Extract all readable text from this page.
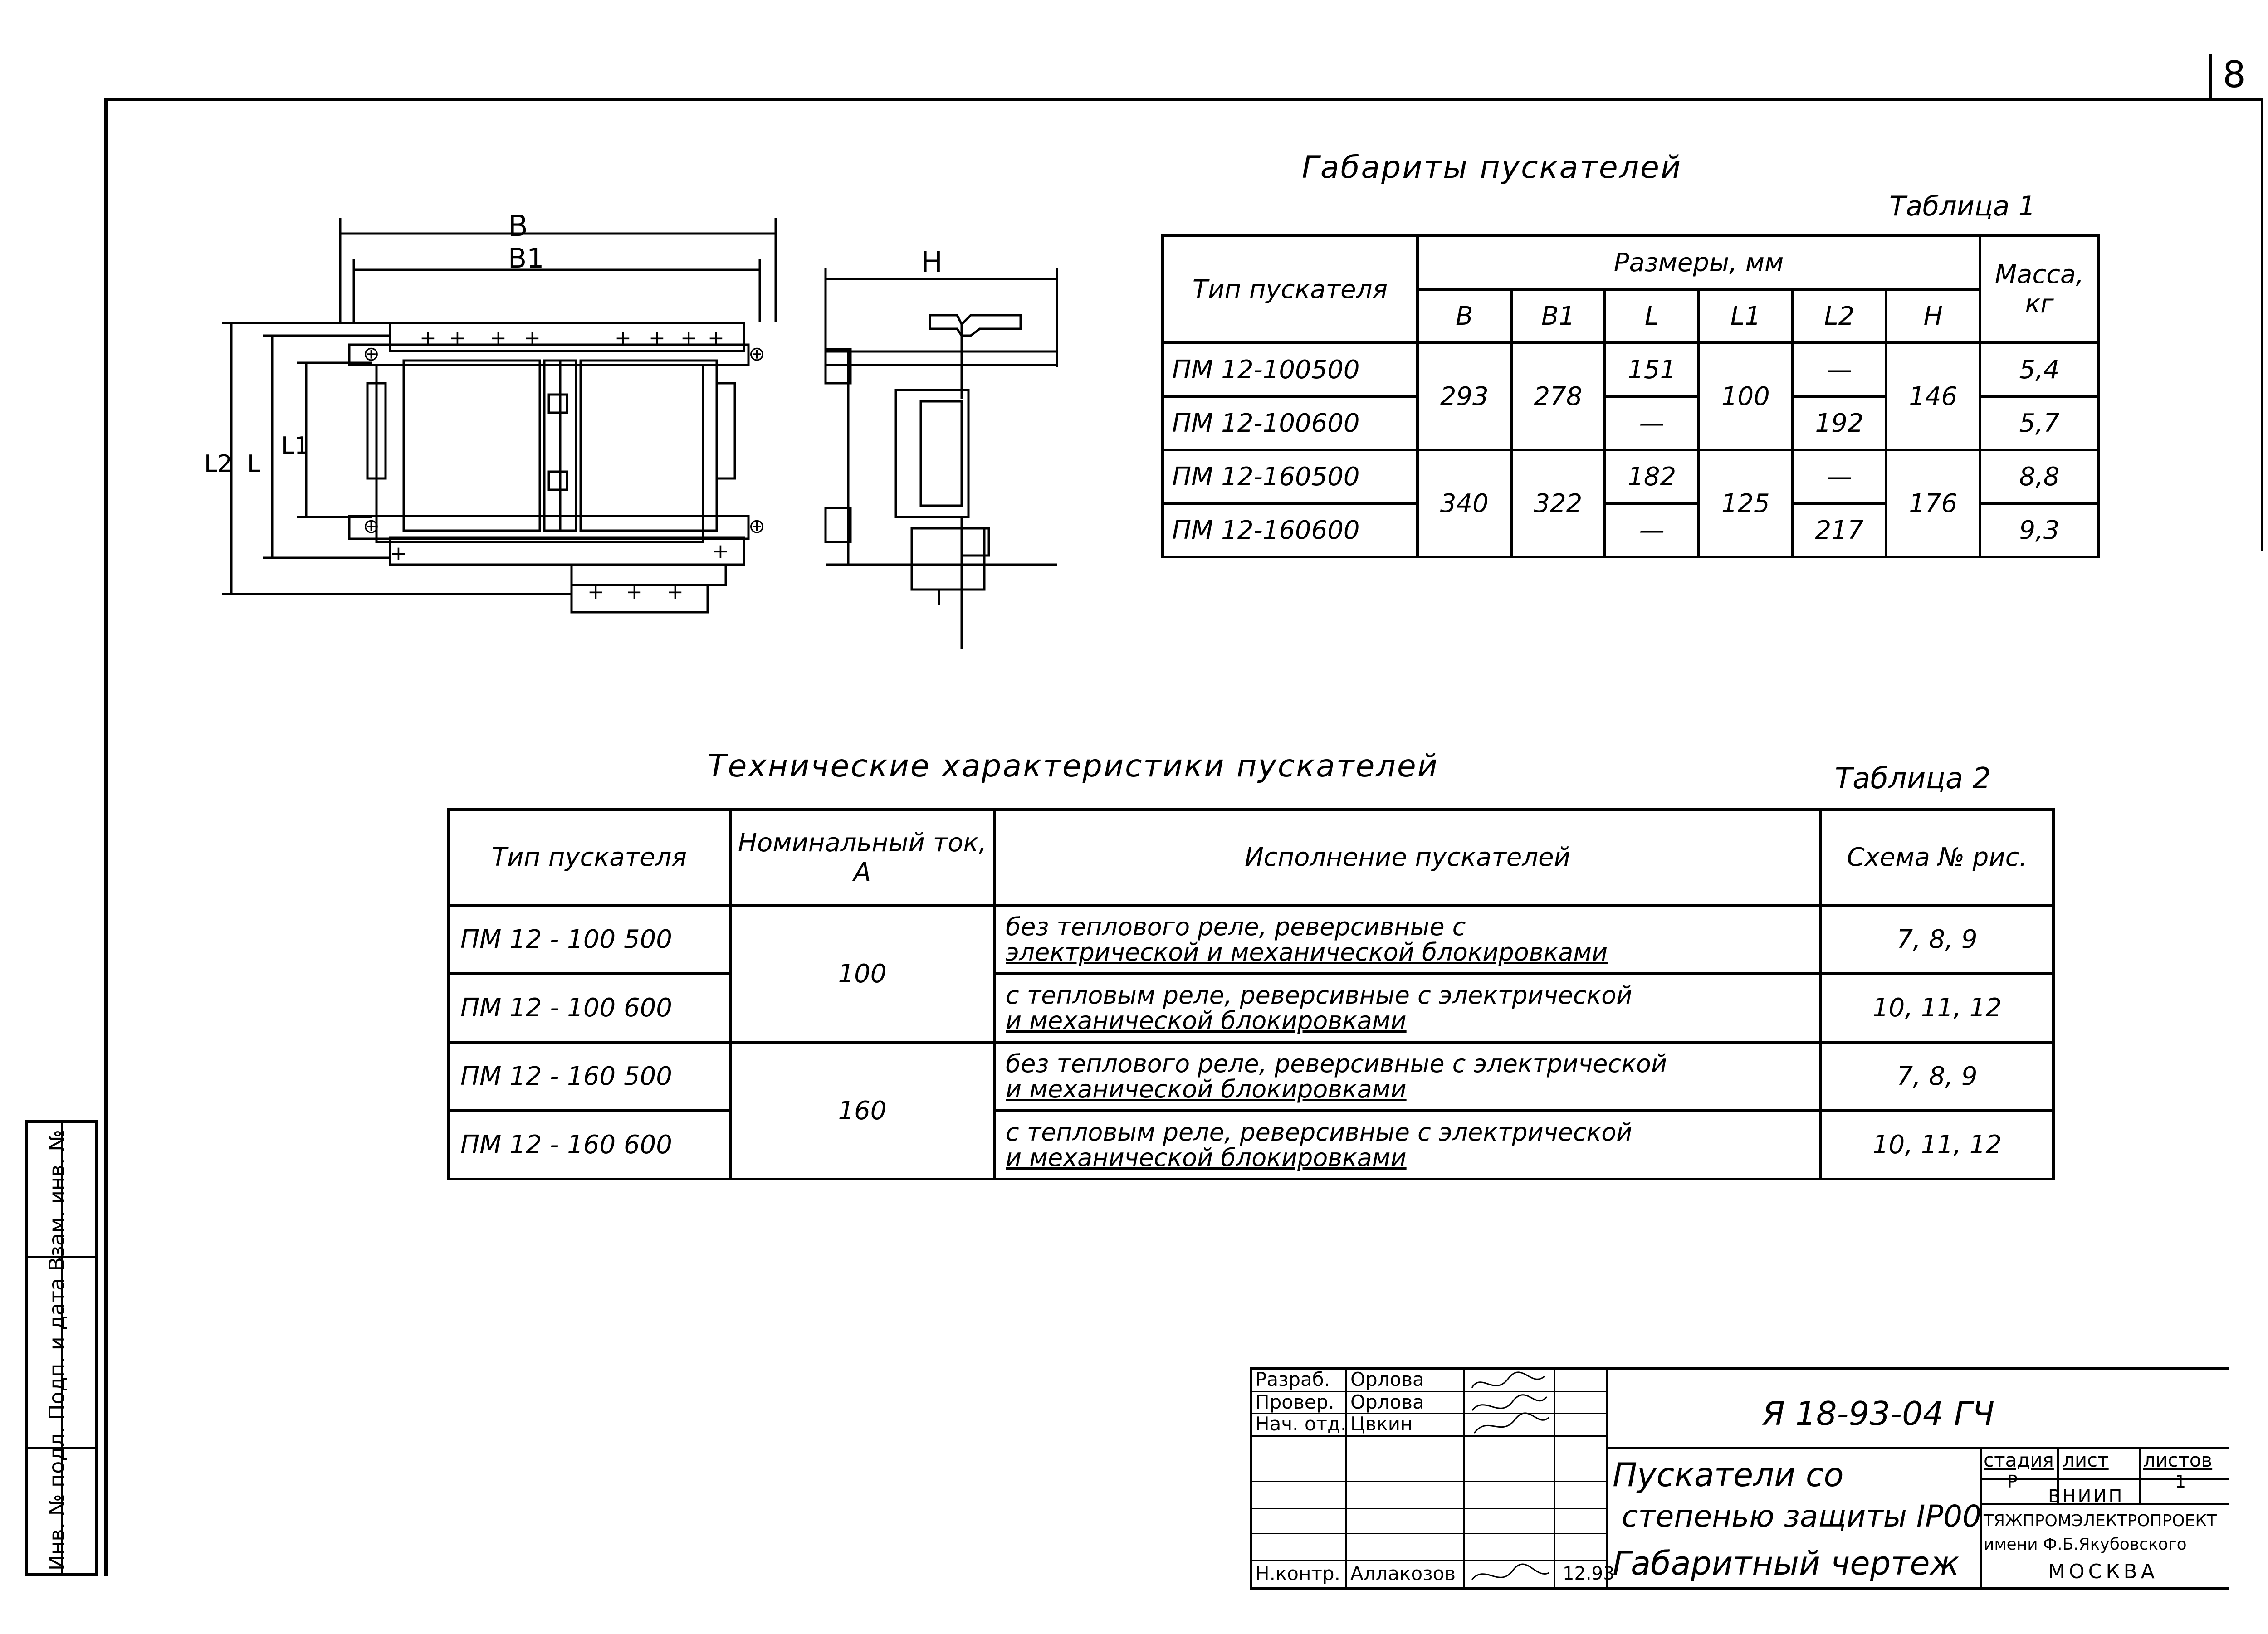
8
B
B1
⊕	⊕
⊕	⊕
+ + + +	+ + + +
+	+
+ + +
L2 L
L1
H
Габариты пускателей
Таблица 1
Тип пускателя	Размеры, мм						Масса, кг
	B	B1	L	L1	L2	H	
ПМ 12-100500	293	278	151	100	—	146	5,4
ПМ 12-100600			—		192		5,7
ПМ 12-160500	340	322	182	125	—	176	8,8
ПМ 12-160600			—		217		9,3
Технические характеристики пускателей	Таблица 2
Тип пускателя	Номинальный ток, А	Исполнение пускателей	Схема № рис.
ПМ 12 - 100 500	100	без теплового реле, реверсивные с
электрической и механической блокировками	7, 8, 9
ПМ 12 - 100 600		с тепловым реле, реверсивные с электрической
и механической блокировками	10, 11, 12
ПМ 12 - 160 500	160	без теплового реле, реверсивные с электрической
и механической блокировками	7, 8, 9
ПМ 12 - 160 600		с тепловым реле, реверсивные с электрической
и механической блокировками	10, 11, 12
Разраб.
Провер.
Нач. отд.
Н.контр.
Орлова
Орлова
Цвкин
Аллакозов	12.93
Я 18-93-04 ГЧ
Пускатели со
степенью защиты IP00
Габаритный чертеж
стадия лист листов
Р	1
ВНИИП
ТЯЖПРОМЭЛЕКТРОПРОЕКТ
имени Ф.Б.Якубовского
МОСКВА
Инв. № подл. Подп. и дата Взам. инв. №
